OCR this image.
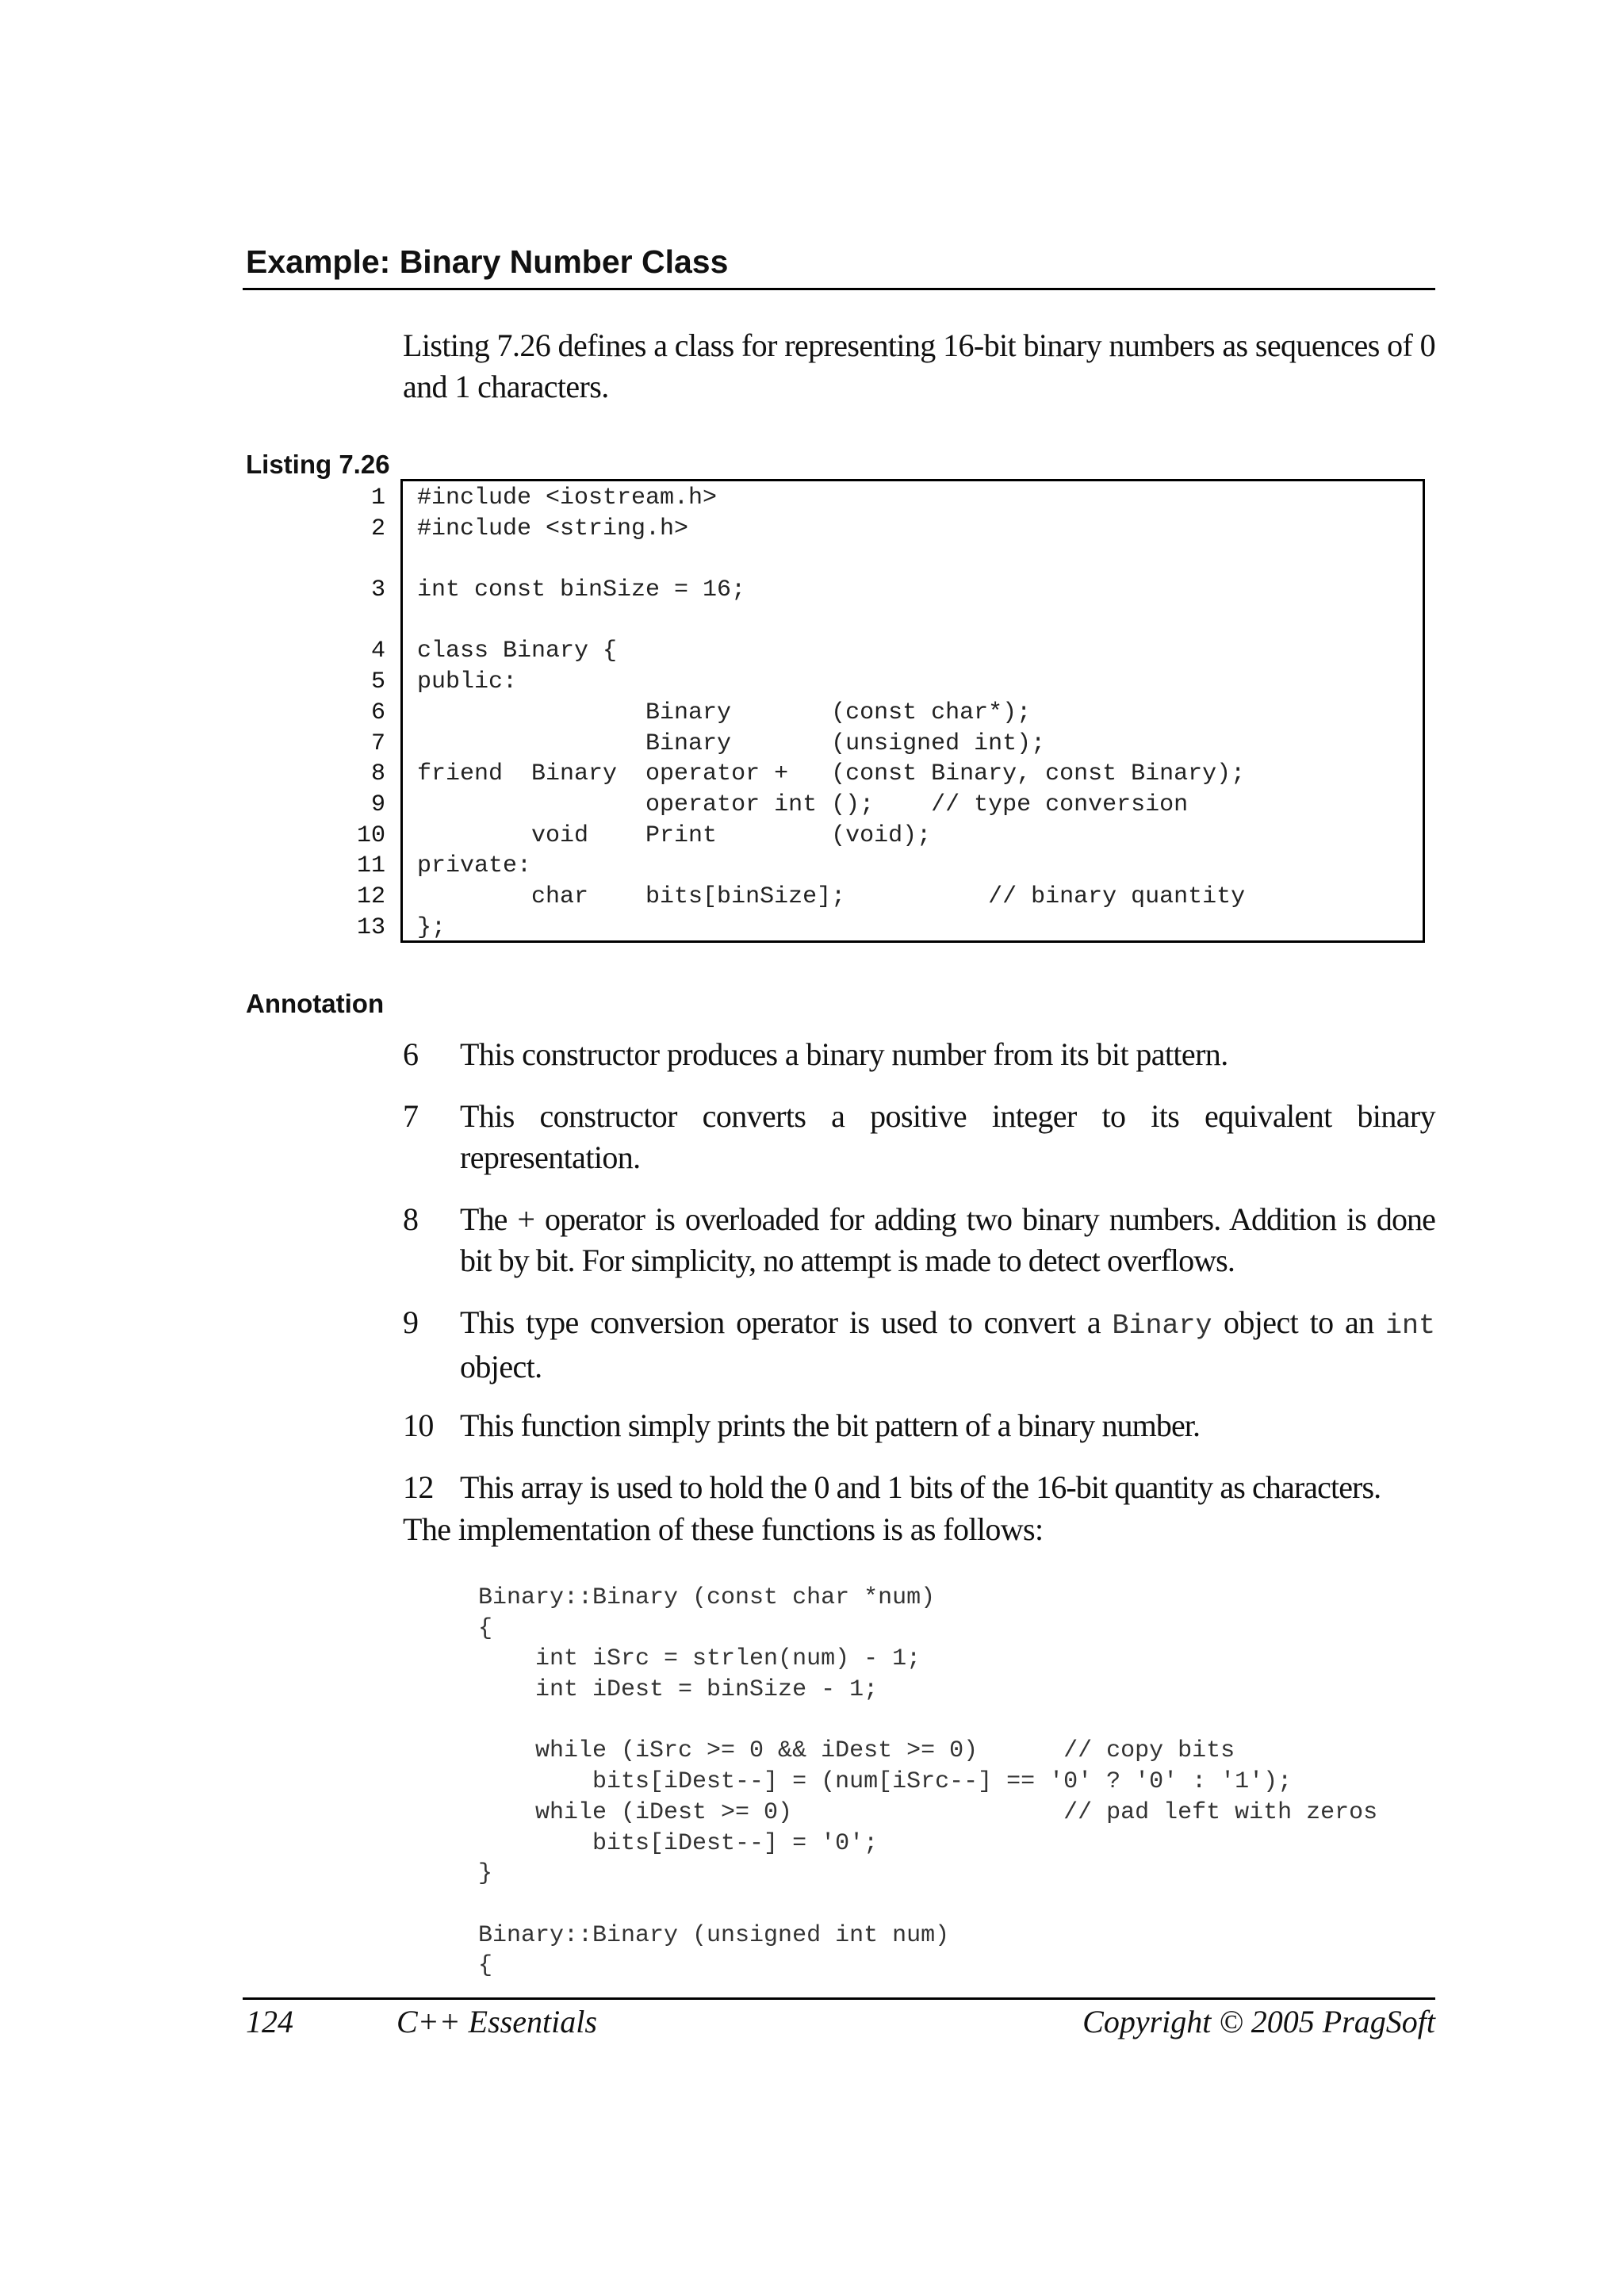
Example: Binary Number Class

Listing 7.26 defines a class for representing 16-bit binary numbers as sequences of 0 and 1 characters.

Listing 7.26
1
2
3
4
5
6
7
8
9
10
11
12
13
#include <iostream.h>
#include <string.h>
int const binSize = 16;
class Binary {
public:
Binary       (const char*);
Binary       (unsigned int);
friend  Binary  operator +   (const Binary, const Binary);
operator int ();    // type conversion
void    Print        (void);
private:
char    bits[binSize];          // binary quantity
};
Annotation
6 This constructor produces a binary number from its bit pattern.
7 This constructor converts a positive integer to its equivalent binary representation.
8 The + operator is overloaded for adding two binary numbers. Addition is done bit by bit. For simplicity, no attempt is made to detect overflows.
9 This type conversion operator is used to convert a Binary object to an int object.
10 This function simply prints the bit pattern of a binary number.
12 This array is used to hold the 0 and 1 bits of the 16-bit quantity as characters.

The implementation of these functions is as follows:

Binary::Binary (const char *num)
{
int iSrc = strlen(num) - 1;
int iDest = binSize - 1;
while (iSrc >= 0 && iDest >= 0)      // copy bits
bits[iDest--] = (num[iSrc--] == '0' ? '0' : '1');
while (iDest >= 0)                   // pad left with zeros
bits[iDest--] = '0';
}
Binary::Binary (unsigned int num)
{
124	C++ Essentials	Copyright © 2005 PragSoft
